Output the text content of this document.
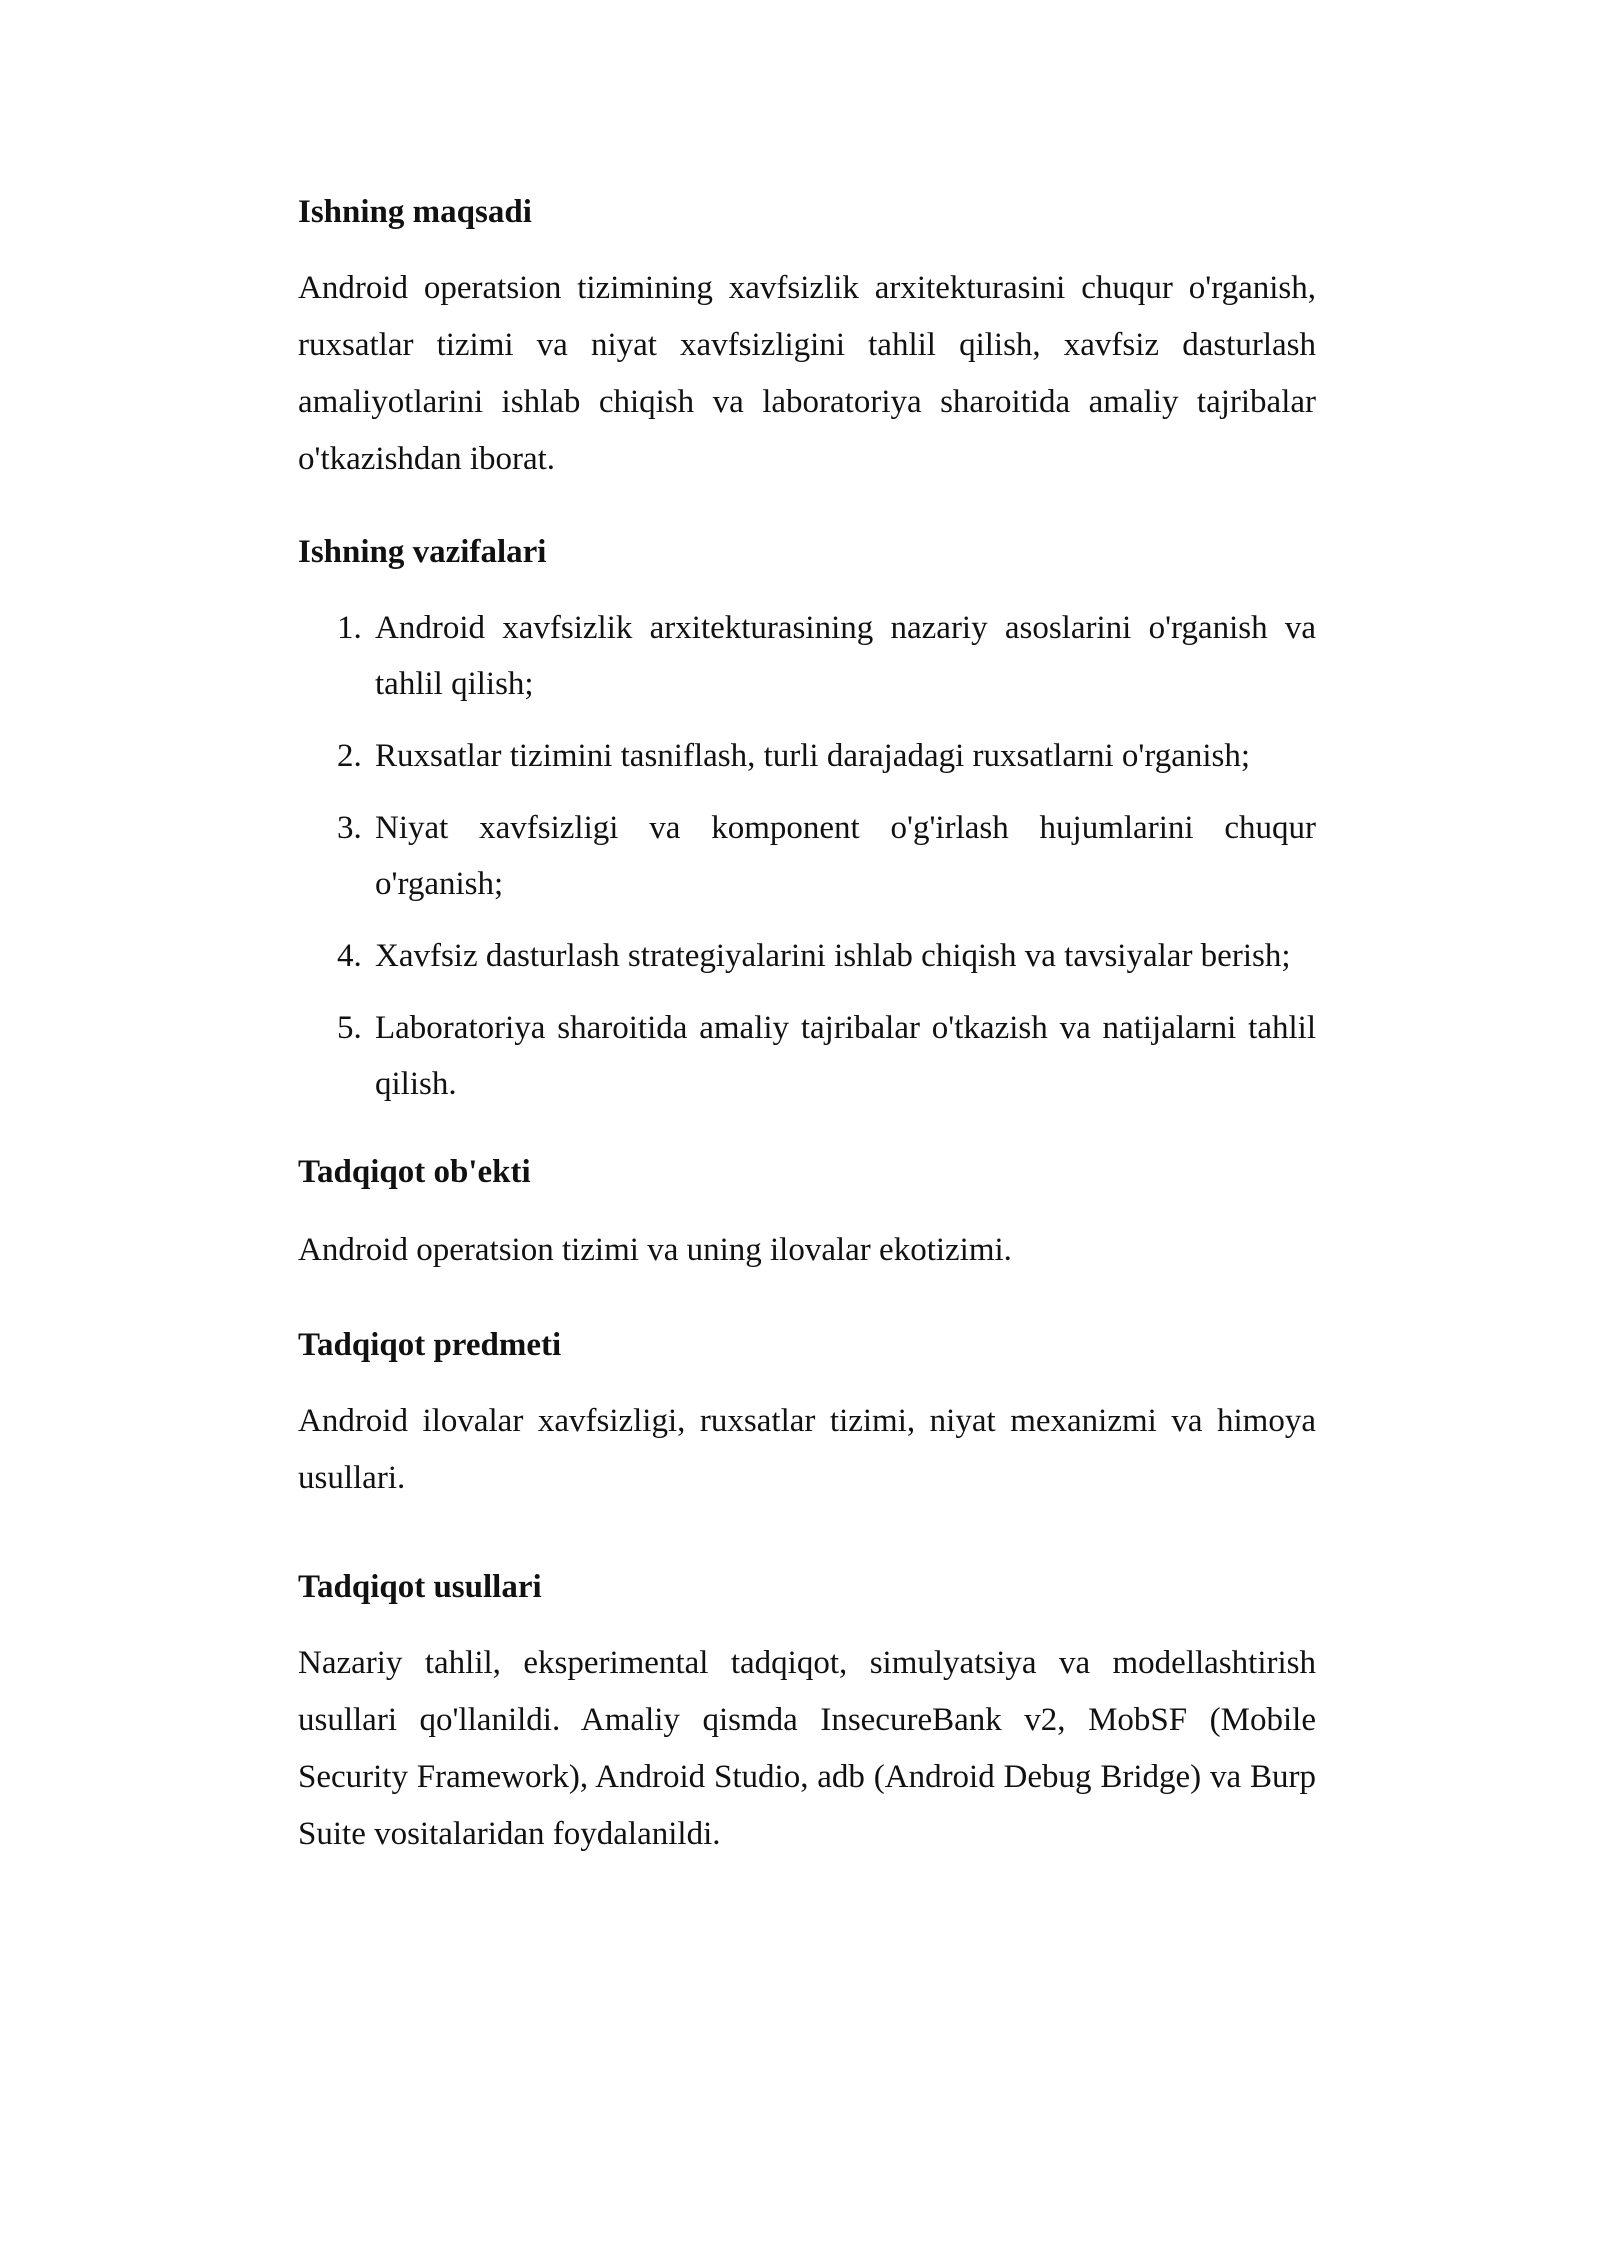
Ishning maqsadi

Android operatsion tizimining xavfsizlik arxitekturasini chuqur o'rganish, ruxsatlar tizimi va niyat xavfsizligini tahlil qilish, xavfsiz dasturlash amaliyotlarini ishlab chiqish va laboratoriya sharoitida amaliy tajribalar o'tkazishdan iborat.

Ishning vazifalari
1. Android xavfsizlik arxitekturasining nazariy asoslarini o'rganish va tahlil qilish;
2. Ruxsatlar tizimini tasniflash, turli darajadagi ruxsatlarni o'rganish;
3. Niyat xavfsizligi va komponent o'g'irlash hujumlarini chuqur o'rganish;
4. Xavfsiz dasturlash strategiyalarini ishlab chiqish va tavsiyalar berish;
5. Laboratoriya sharoitida amaliy tajribalar o'tkazish va natijalarni tahlil qilish.
Tadqiqot ob'ekti

Android operatsion tizimi va uning ilovalar ekotizimi.

Tadqiqot predmeti

Android ilovalar xavfsizligi, ruxsatlar tizimi, niyat mexanizmi va himoya usullari.

Tadqiqot usullari

Nazariy tahlil, eksperimental tadqiqot, simulyatsiya va modellashtirish usullari qo'llanildi. Amaliy qismda InsecureBank v2, MobSF (Mobile Security Framework), Android Studio, adb (Android Debug Bridge) va Burp Suite vositalaridan foydalanildi.
